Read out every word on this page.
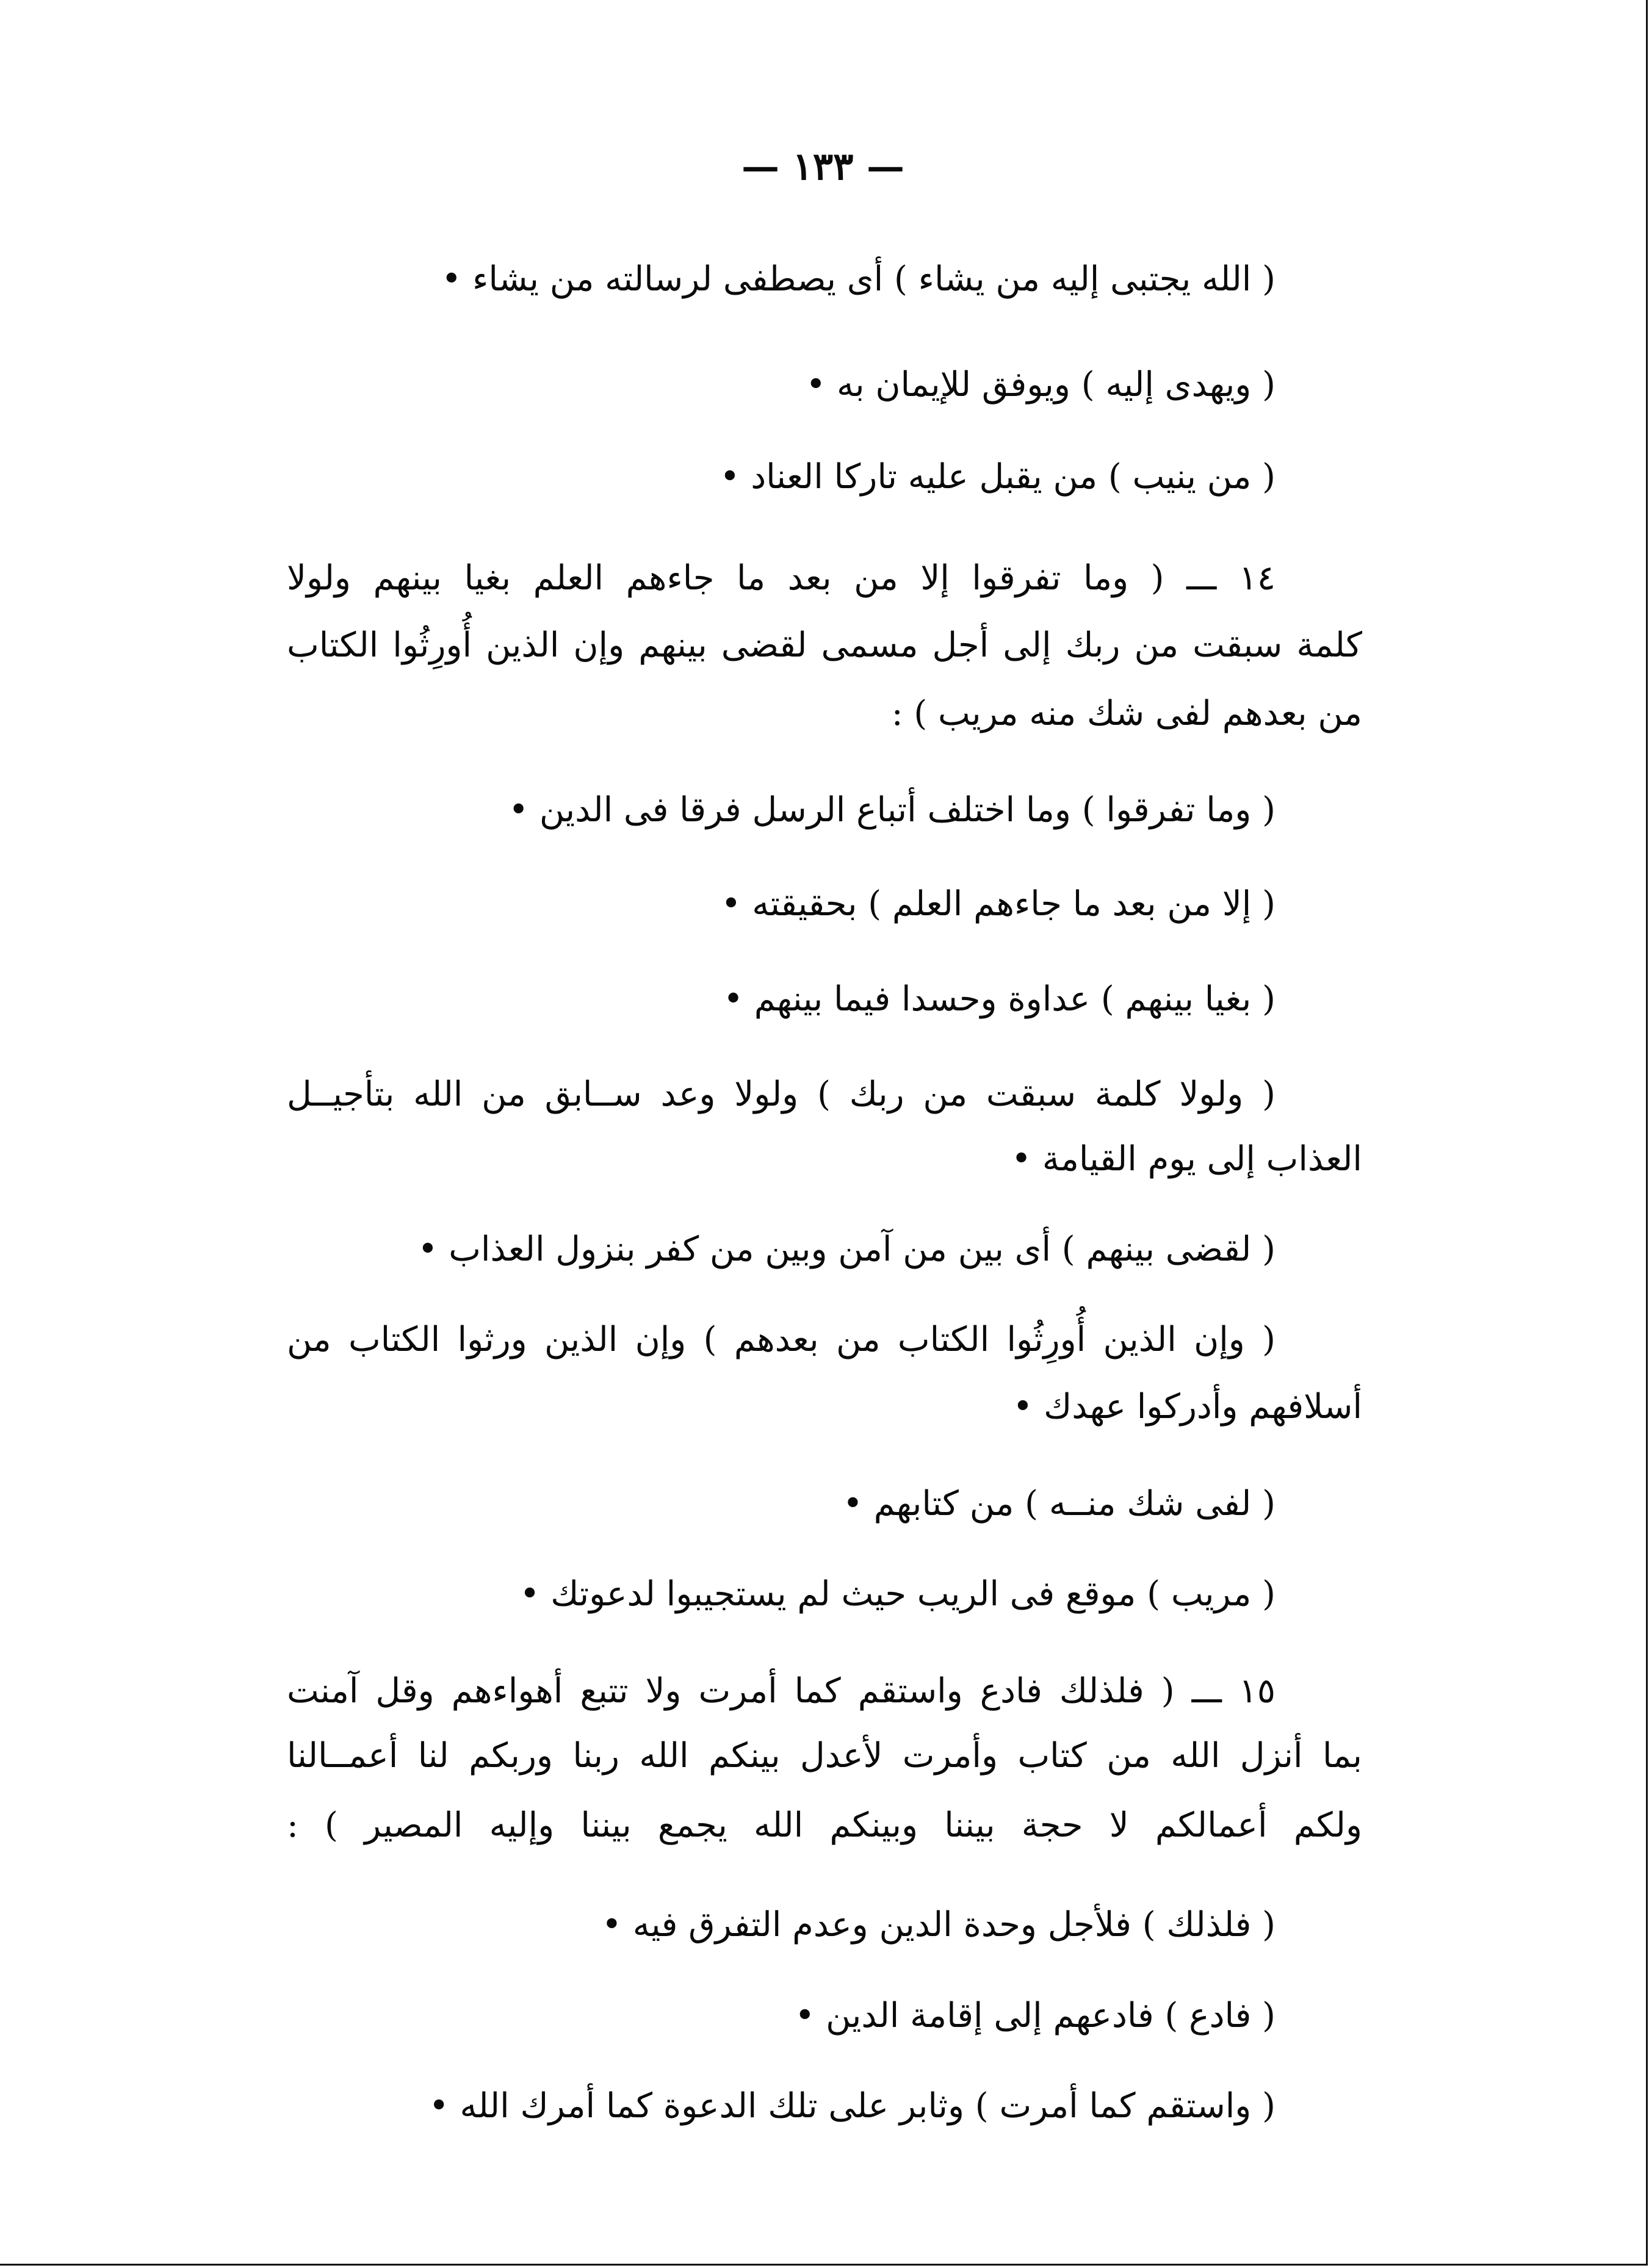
— ١٣٣ —
( الله يجتبى إليه من يشاء ) أى يصطفى لرسالته من يشاء •
( ويهدى إليه ) ويوفق للإيمان به •
( من ينيب ) من يقبل عليه تاركا العناد •
١٤ ـــ ( وما تفرقوا إلا من بعد ما جاءهم العلم بغيا بينهم ولولا
كلمة سبقت من ربك إلى أجل مسمى لقضى بينهم وإن الذين أُورِثُوا الكتاب
من بعدهم لفى شك منه مريب ) :
( وما تفرقوا ) وما اختلف أتباع الرسل فرقا فى الدين •
( إلا من بعد ما جاءهم العلم ) بحقيقته •
( بغيا بينهم ) عداوة وحسدا فيما بينهم •
( ولولا كلمة سبقت من ربك ) ولولا وعد ســابق من الله بتأجيــل
العذاب إلى يوم القيامة •
( لقضى بينهم ) أى بين من آمن وبين من كفر بنزول العذاب •
( وإن الذين أُورِثُوا الكتاب من بعدهم ) وإن الذين ورثوا الكتاب من
أسلافهم وأدركوا عهدك •
( لفى شك منــه ) من كتابهم •
( مريب ) موقع فى الريب حيث لم يستجيبوا لدعوتك •
١٥ ـــ ( فلذلك فادع واستقم كما أمرت ولا تتبع أهواءهم وقل آمنت
بما أنزل الله من كتاب وأمرت لأعدل بينكم الله ربنا وربكم لنا أعمــالنا
ولكم أعمالكم لا حجة بيننا وبينكم الله يجمع بيننا وإليه المصير ) :
( فلذلك ) فلأجل وحدة الدين وعدم التفرق فيه •
( فادع ) فادعهم إلى إقامة الدين •
( واستقم كما أمرت ) وثابر على تلك الدعوة كما أمرك الله •
